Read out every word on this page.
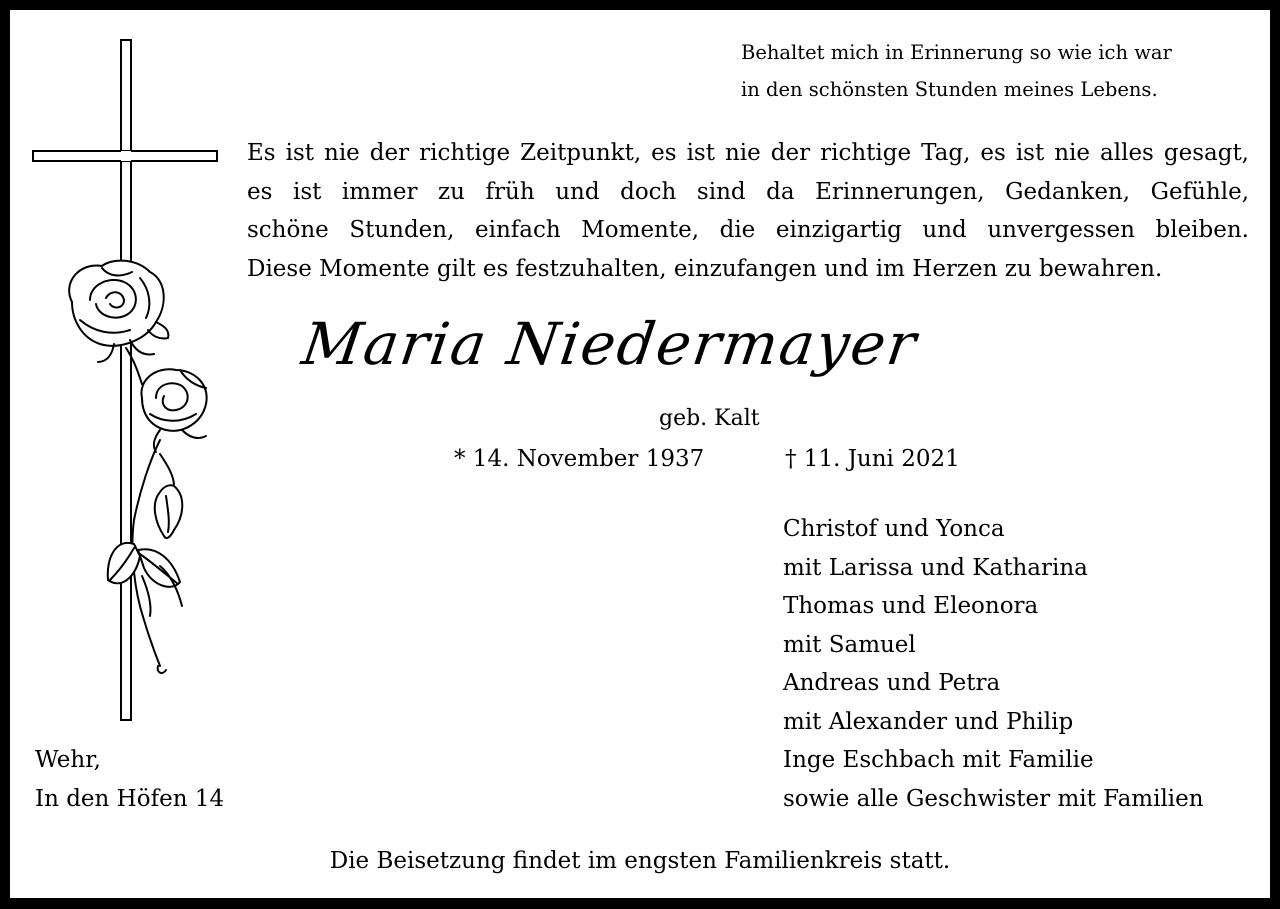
Behaltet mich in Erinnerung so wie ich war
in den schönsten Stunden meines Lebens.
Es ist nie der richtige Zeitpunkt, es ist nie der richtige Tag, es ist nie alles gesagt,
es ist immer zu früh und doch sind da Erinnerungen, Gedanken, Gefühle,
schöne Stunden, einfach Momente, die einzigartig und unvergessen bleiben.
Diese Momente gilt es festzuhalten, einzufangen und im Herzen zu bewahren.
Maria Niedermayer
geb. Kalt
* 14. November 1937	† 11. Juni 2021
Christof und Yonca
mit Larissa und Katharina
Thomas und Eleonora
mit Samuel
Andreas und Petra
mit Alexander und Philip
Inge Eschbach mit Familie
sowie alle Geschwister mit Familien
Wehr,
In den Höfen 14
Die Beisetzung findet im engsten Familienkreis statt.
